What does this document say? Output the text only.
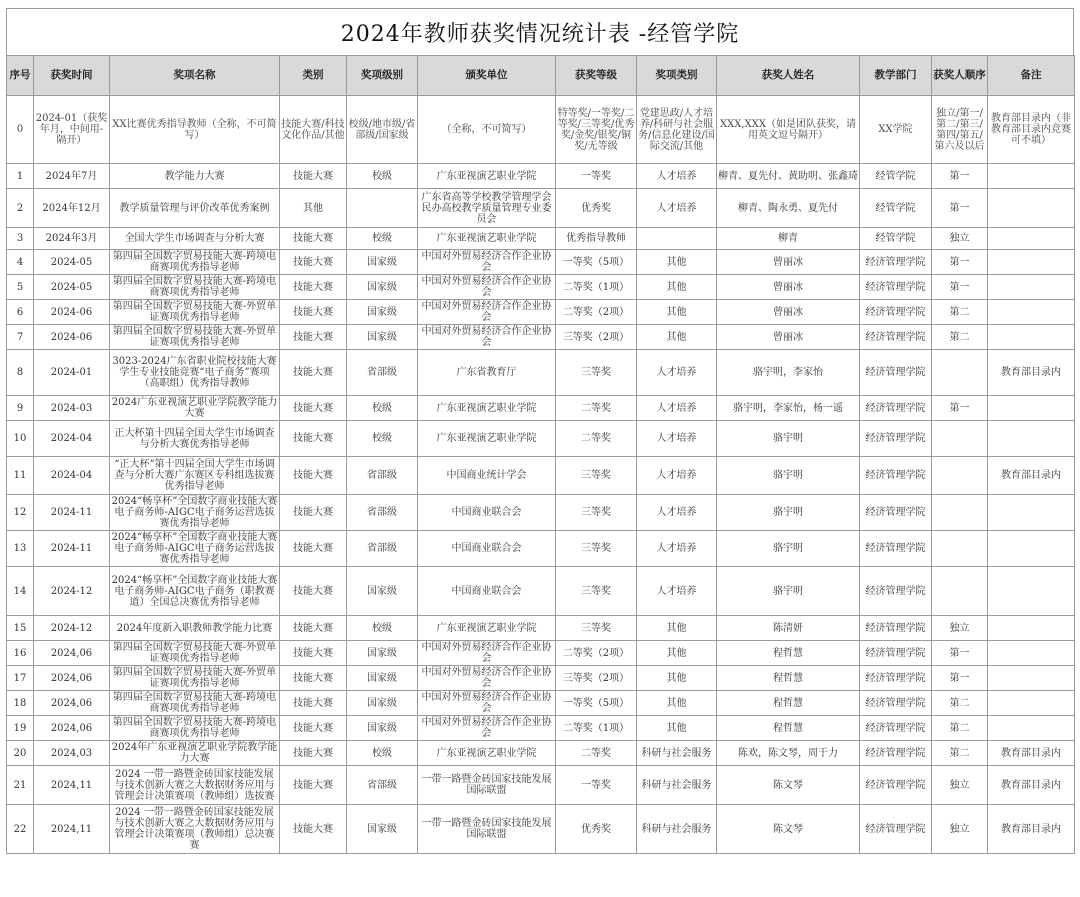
2024年教师获奖情况统计表 -经管学院
序号	获奖时间	奖项名称	类别	奖项级别	颁奖单位	获奖等级	奖项类别	获奖人姓名	教学部门	获奖人顺序	备注
0	2024-01（获奖年月，中间用-隔开）	XX比赛优秀指导教师（全称，不可简写）	技能大赛/科技文化作品/其他	校级/地市级/省部级/国家级	（全称，不可简写）	特等奖/一等奖/二等奖/三等奖/优秀奖/金奖/银奖/铜奖/无等级	党建思政/人才培养/科研与社会服务/信息化建设/国际交流/其他	XXX,XXX（如是团队获奖，请用英文逗号隔开）	XX学院	独立/第一/第二/第三/第四/第五/第六及以后	教育部目录内（非教育部目录内竞赛可不填）
1	2024年7月	教学能力大赛	技能大赛	校级	广东亚视演艺职业学院	一等奖	人才培养	柳青、夏先付、黄助明、张鑫琦	经管学院	第一	
2	2024年12月	教学质量管理与评价改革优秀案例	其他		广东省高等学校教学管理学会民办高校教学质量管理专业委员会	优秀奖	人才培养	柳青、陶永勇、夏先付	经管学院	第一	
3	2024年3月	全国大学生市场调查与分析大赛	技能大赛	校级	广东亚视演艺职业学院	优秀指导教师		柳青	经管学院	独立	
4	2024-05	第四届全国数字贸易技能大赛-跨境电商赛项优秀指导老师	技能大赛	国家级	中国对外贸易经济合作企业协会	一等奖（5项）	其他	曾丽冰	经济管理学院	第一	
5	2024-05	第四届全国数字贸易技能大赛-跨境电商赛项优秀指导老师	技能大赛	国家级	中国对外贸易经济合作企业协会	二等奖（1项）	其他	曾丽冰	经济管理学院	第一	
6	2024-06	第四届全国数字贸易技能大赛-外贸单证赛项优秀指导老师	技能大赛	国家级	中国对外贸易经济合作企业协会	二等奖（2项）	其他	曾丽冰	经济管理学院	第二	
7	2024-06	第四届全国数字贸易技能大赛-外贸单证赛项优秀指导老师	技能大赛	国家级	中国对外贸易经济合作企业协会	三等奖（2项）	其他	曾丽冰	经济管理学院	第二	
8	2024-01	3023-2024广东省职业院校技能大赛学生专业技能竞赛“电子商务”赛项（高职组）优秀指导教师	技能大赛	省部级	广东省教育厅	三等奖	人才培养	骆宇明，李家怡	经济管理学院		教育部目录内
9	2024-03	2024广东亚视演艺职业学院教学能力大赛	技能大赛	校级	广东亚视演艺职业学院	二等奖	人才培养	骆宇明，李家怡，杨一遥	经济管理学院	第一	
10	2024-04	正大杯第十四届全国大学生市场调查与分析大赛优秀指导老师	技能大赛	校级	广东亚视演艺职业学院	二等奖	人才培养	骆宇明	经济管理学院		
11	2024-04	“正大杯”第十四届全国大学生市场调查与分析大赛广东赛区专科组选拔赛优秀指导老师	技能大赛	省部级	中国商业统计学会	三等奖	人才培养	骆宇明	经济管理学院		教育部目录内
12	2024-11	2024“畅享杯”全国数字商业技能大赛电子商务师-AIGC电子商务运营选拔赛优秀指导老师	技能大赛	省部级	中国商业联合会	三等奖	人才培养	骆宇明	经济管理学院		
13	2024-11	2024“畅享杯”全国数字商业技能大赛电子商务师-AIGC电子商务运营选拔赛优秀指导老师	技能大赛	省部级	中国商业联合会	三等奖	人才培养	骆宇明	经济管理学院		
14	2024-12	2024“畅享杯”全国数字商业技能大赛电子商务师-AIGC电子商务（职教赛道）全国总决赛优秀指导老师	技能大赛	国家级	中国商业联合会	三等奖	人才培养	骆宇明	经济管理学院		
15	2024-12	2024年度新入职教师教学能力比赛	技能大赛	校级	广东亚视演艺职业学院	三等奖	其他	陈清妍	经济管理学院	独立	
16	2024,06	第四届全国数字贸易技能大赛-外贸单证赛项优秀指导老师	技能大赛	国家级	中国对外贸易经济合作企业协会	二等奖（2项）	其他	程哲慧	经济管理学院	第一	
17	2024,06	第四届全国数字贸易技能大赛-外贸单证赛项优秀指导老师	技能大赛	国家级	中国对外贸易经济合作企业协会	三等奖（2项）	其他	程哲慧	经济管理学院	第一	
18	2024,06	第四届全国数字贸易技能大赛-跨境电商赛项优秀指导老师	技能大赛	国家级	中国对外贸易经济合作企业协会	一等奖（5项）	其他	程哲慧	经济管理学院	第二	
19	2024,06	第四届全国数字贸易技能大赛-跨境电商赛项优秀指导老师	技能大赛	国家级	中国对外贸易经济合作企业协会	二等奖（1项）	其他	程哲慧	经济管理学院	第二	
20	2024,03	2024年广东亚视演艺职业学院教学能力大赛	技能大赛	校级	广东亚视演艺职业学院	二等奖	科研与社会服务	陈欢，陈文琴，周于力	经济管理学院	第二	教育部目录内
21	2024,11	2024 一带一路暨金砖国家技能发展与技术创新大赛之大数据财务应用与管理会计决策赛项（教师组）选拔赛	技能大赛	省部级	一带一路暨金砖国家技能发展国际联盟	一等奖	科研与社会服务	陈文琴	经济管理学院	独立	教育部目录内
22	2024,11	2024 一带一路暨金砖国家技能发展与技术创新大赛之大数据财务应用与管理会计决策赛项（教师组）总决赛赛	技能大赛	国家级	一带一路暨金砖国家技能发展国际联盟	优秀奖	科研与社会服务	陈文琴	经济管理学院	独立	教育部目录内
